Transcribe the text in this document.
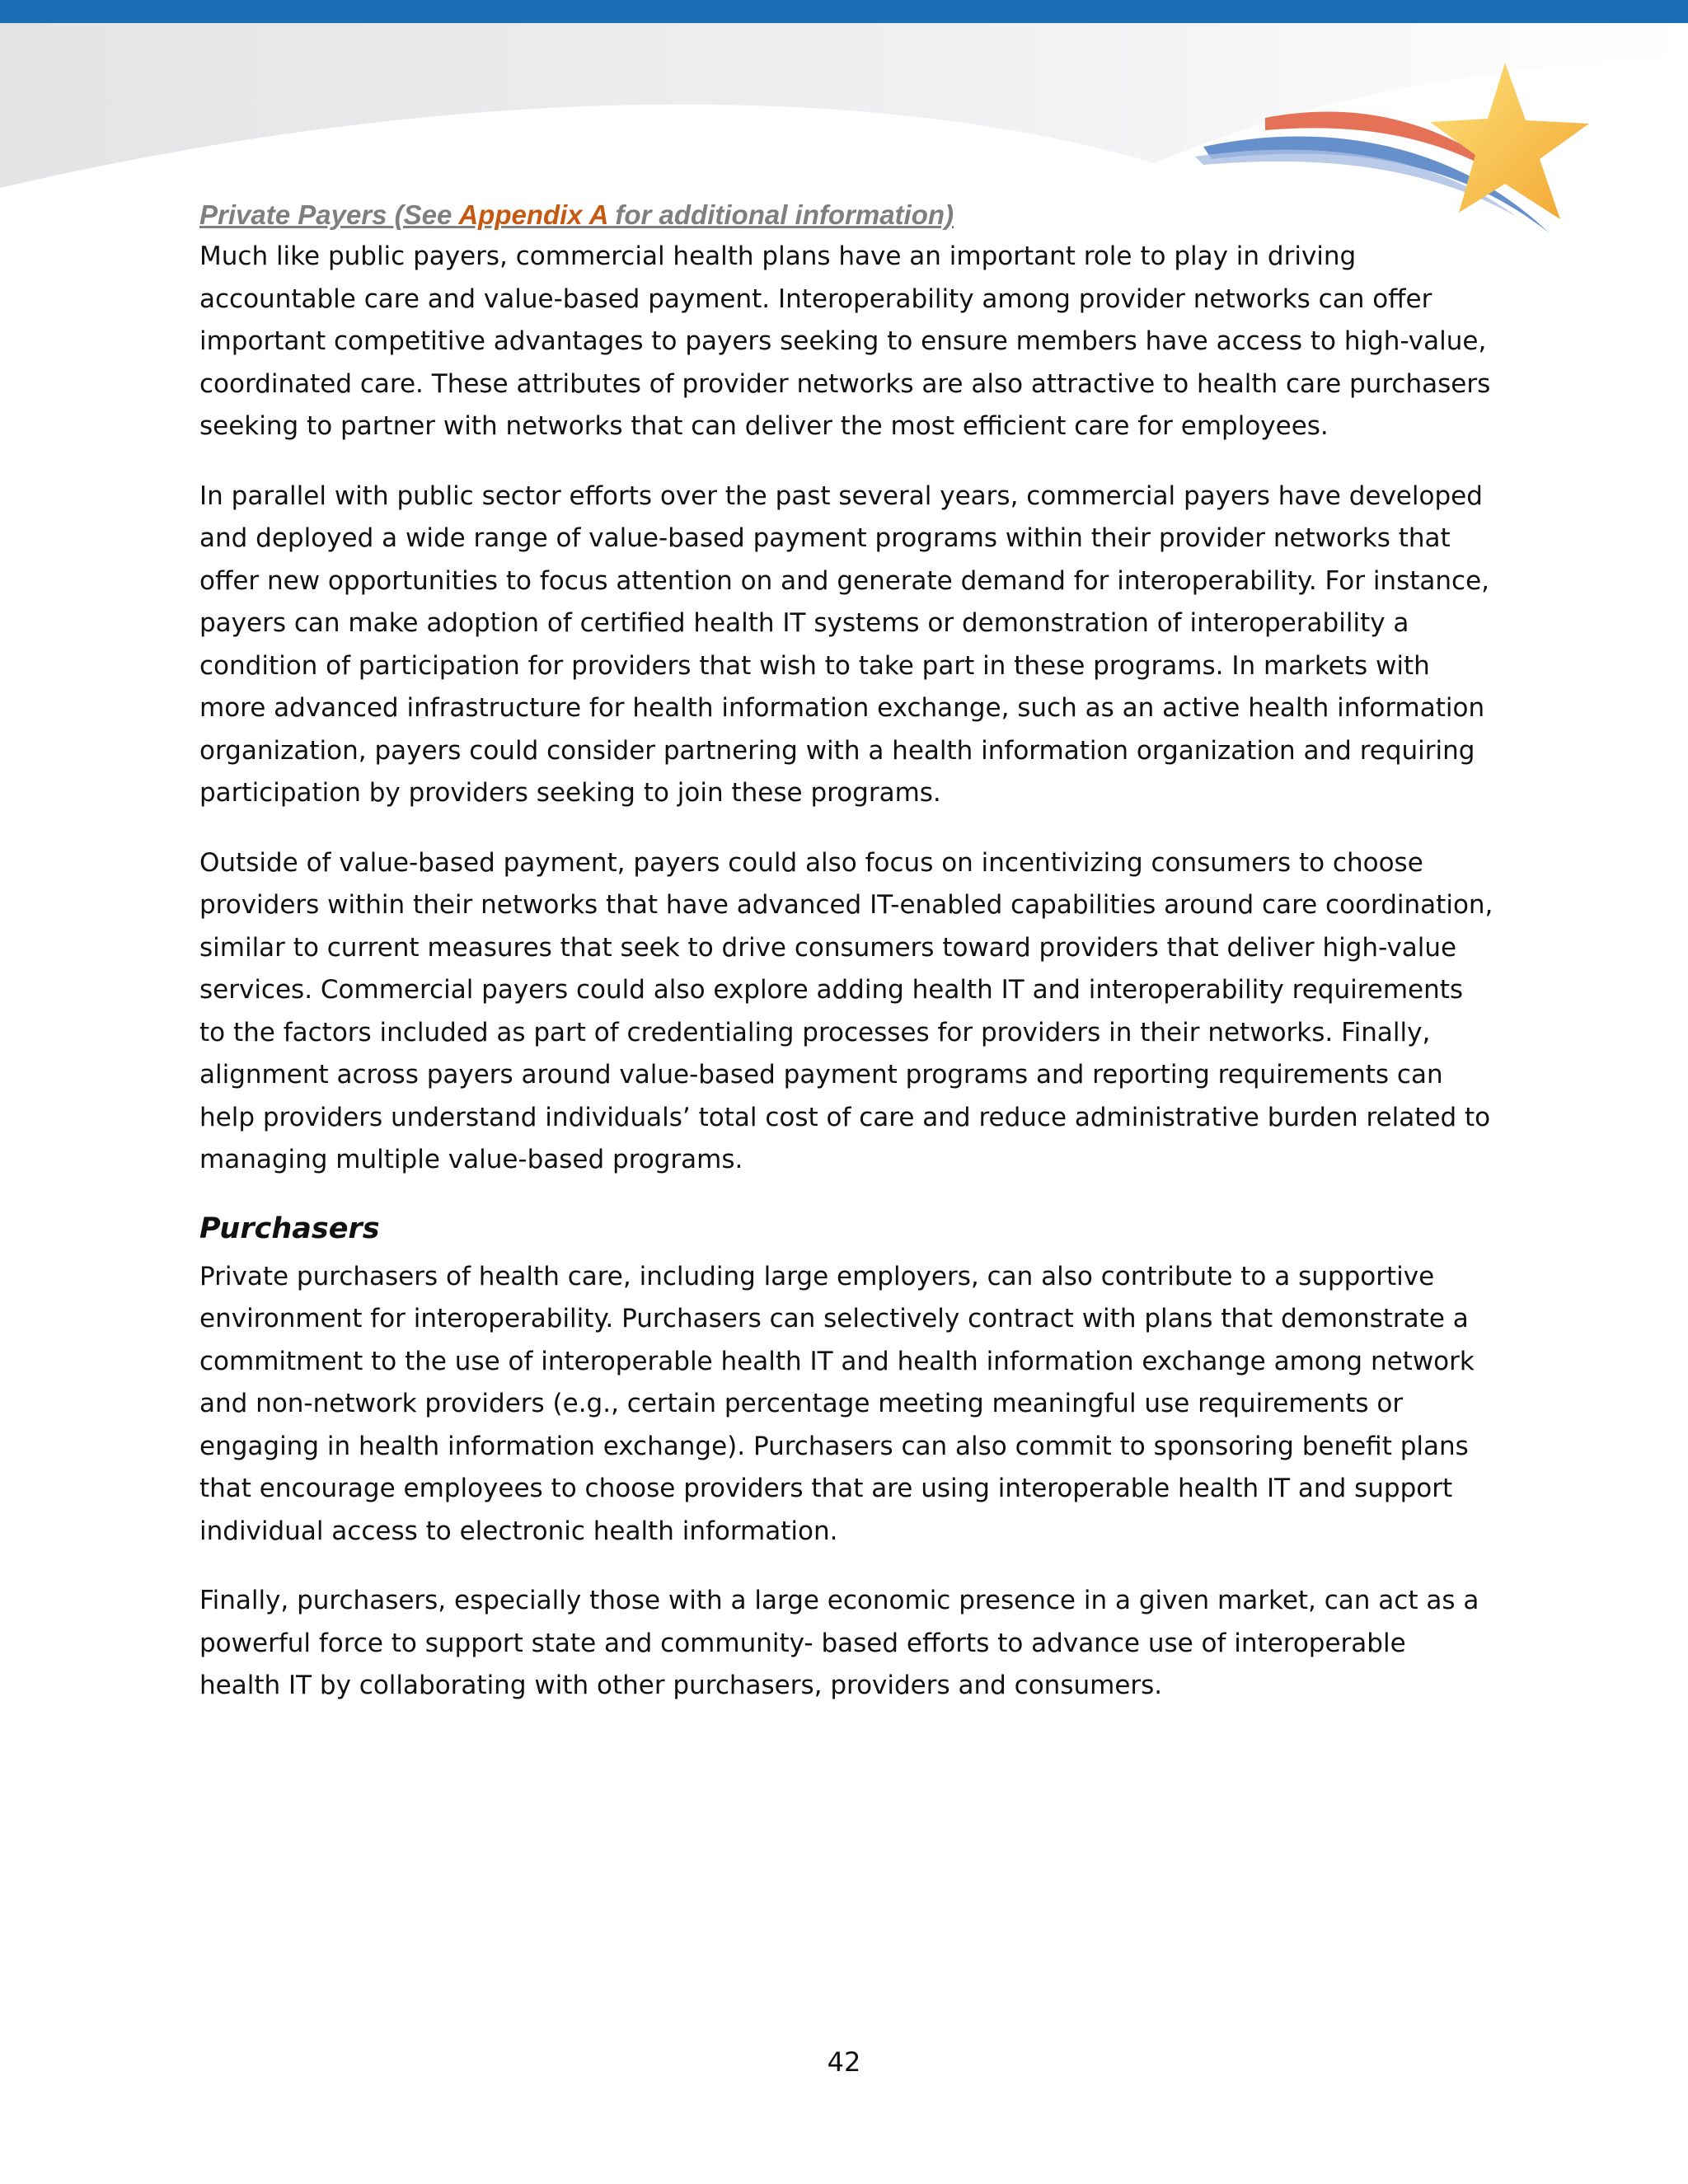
Private Payers (See Appendix A for additional information)

Much like public payers, commercial health plans have an important role to play in driving accountable care and value-based payment. Interoperability among provider networks can offer important competitive advantages to payers seeking to ensure members have access to high-value, coordinated care. These attributes of provider networks are also attractive to health care purchasers seeking to partner with networks that can deliver the most efficient care for employees.

In parallel with public sector efforts over the past several years, commercial payers have developed and deployed a wide range of value-based payment programs within their provider networks that offer new opportunities to focus attention on and generate demand for interoperability. For instance, payers can make adoption of certified health IT systems or demonstration of interoperability a condition of participation for providers that wish to take part in these programs. In markets with more advanced infrastructure for health information exchange, such as an active health information organization, payers could consider partnering with a health information organization and requiring participation by providers seeking to join these programs.

Outside of value-based payment, payers could also focus on incentivizing consumers to choose providers within their networks that have advanced IT-enabled capabilities around care coordination, similar to current measures that seek to drive consumers toward providers that deliver high-value services. Commercial payers could also explore adding health IT and interoperability requirements to the factors included as part of credentialing processes for providers in their networks. Finally, alignment across payers around value-based payment programs and reporting requirements can help providers understand individuals’ total cost of care and reduce administrative burden related to managing multiple value-based programs.

Purchasers

Private purchasers of health care, including large employers, can also contribute to a supportive environment for interoperability. Purchasers can selectively contract with plans that demonstrate a commitment to the use of interoperable health IT and health information exchange among network and non-network providers (e.g., certain percentage meeting meaningful use requirements or engaging in health information exchange). Purchasers can also commit to sponsoring benefit plans that encourage employees to choose providers that are using interoperable health IT and support individual access to electronic health information.

Finally, purchasers, especially those with a large economic presence in a given market, can act as a powerful force to support state and community- based efforts to advance use of interoperable health IT by collaborating with other purchasers, providers and consumers.

42
